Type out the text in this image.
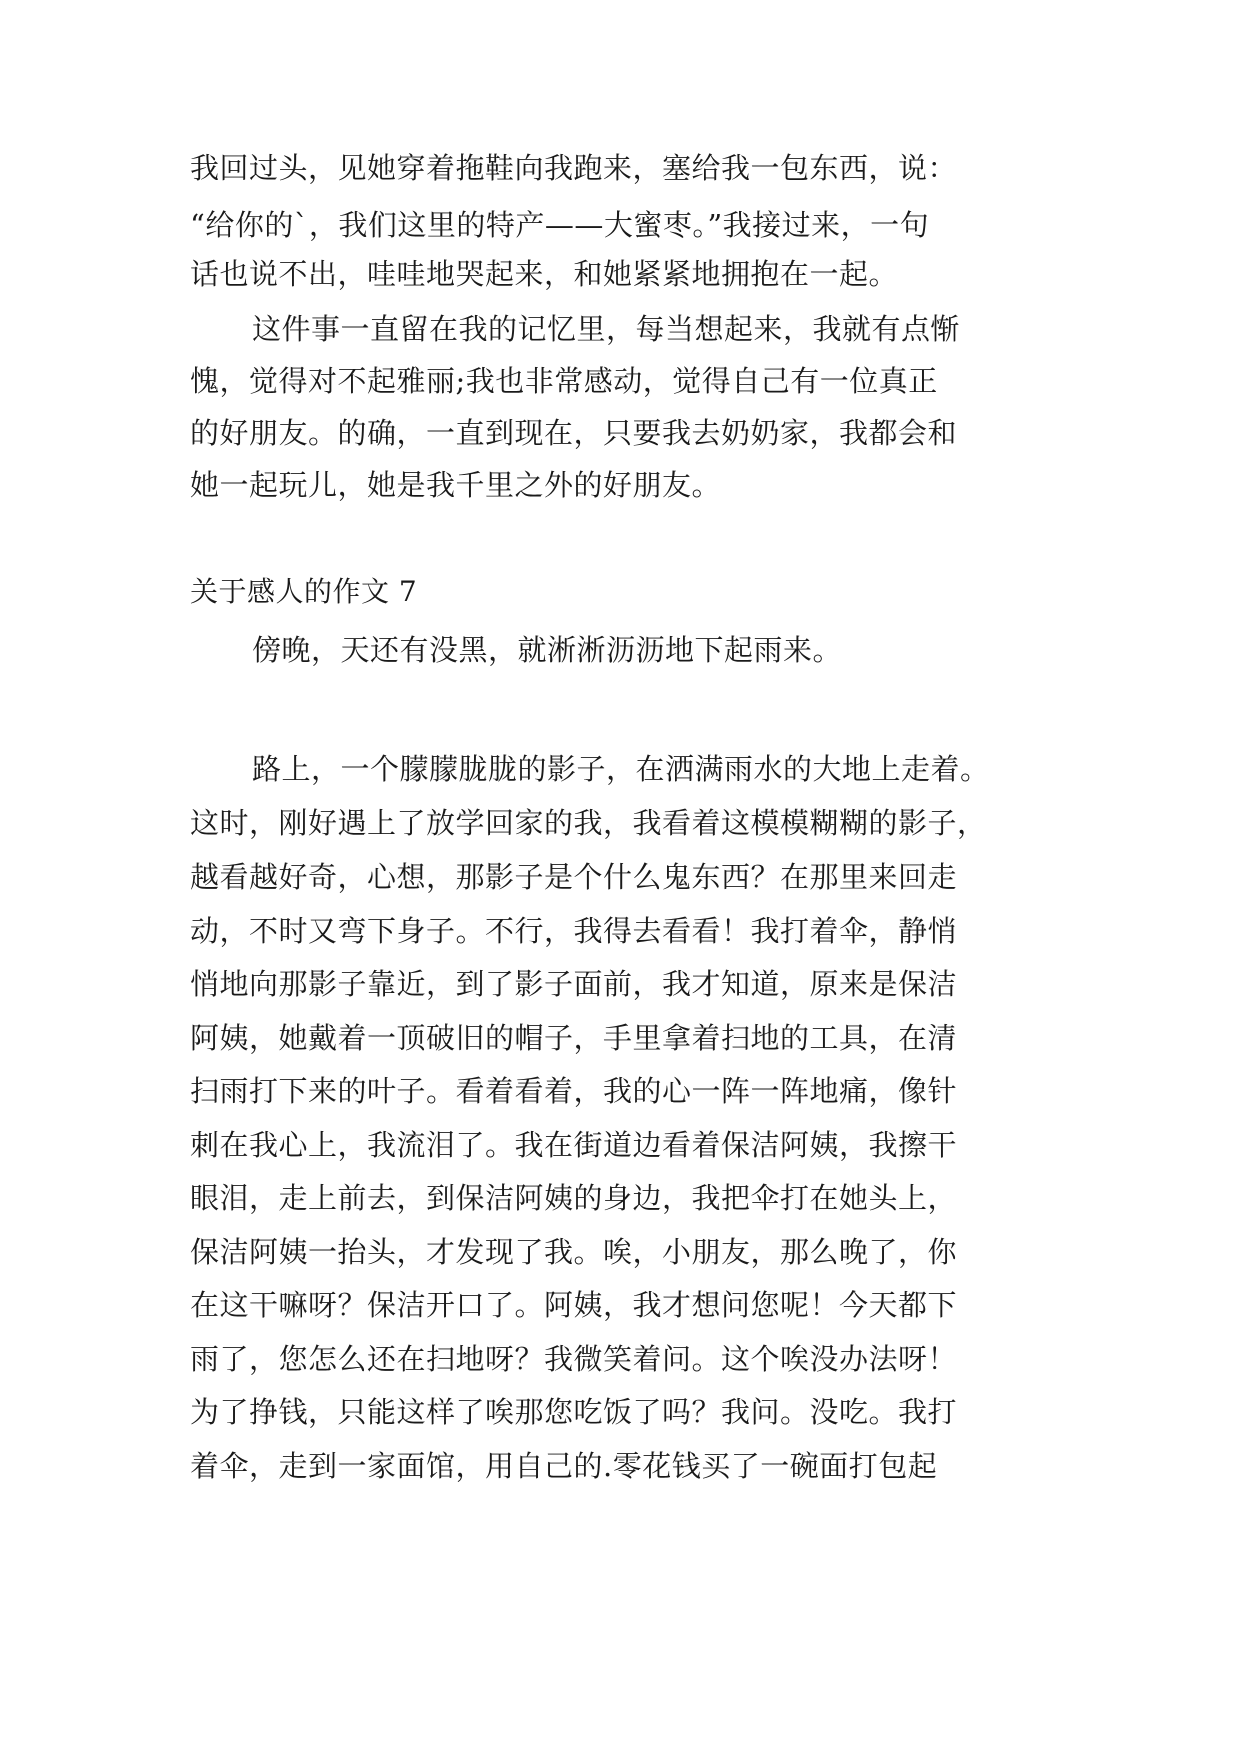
我回过头，见她穿着拖鞋向我跑来，塞给我一包东西，说：
“给你的`，我们这里的特产——大蜜枣。”我接过来，一句
话也说不出，哇哇地哭起来，和她紧紧地拥抱在一起。
这件事一直留在我的记忆里，每当想起来，我就有点惭
愧，觉得对不起雅丽;我也非常感动，觉得自己有一位真正
的好朋友。的确，一直到现在，只要我去奶奶家，我都会和
她一起玩儿，她是我千里之外的好朋友。
关于感人的作文 7
傍晚，天还有没黑，就淅淅沥沥地下起雨来。
路上，一个朦朦胧胧的影子，在洒满雨水的大地上走着。
这时，刚好遇上了放学回家的我，我看着这模模糊糊的影子，
越看越好奇，心想，那影子是个什么鬼东西？在那里来回走
动，不时又弯下身子。不行，我得去看看！我打着伞，静悄
悄地向那影子靠近，到了影子面前，我才知道，原来是保洁
阿姨，她戴着一顶破旧的帽子，手里拿着扫地的工具，在清
扫雨打下来的叶子。看着看着，我的心一阵一阵地痛，像针
刺在我心上，我流泪了。我在街道边看着保洁阿姨，我擦干
眼泪，走上前去，到保洁阿姨的身边，我把伞打在她头上，
保洁阿姨一抬头，才发现了我。唉，小朋友，那么晚了，你
在这干嘛呀？保洁开口了。阿姨，我才想问您呢！今天都下
雨了，您怎么还在扫地呀？我微笑着问。这个唉没办法呀！
为了挣钱，只能这样了唉那您吃饭了吗？我问。没吃。我打
着伞，走到一家面馆，用自己的.零花钱买了一碗面打包起
